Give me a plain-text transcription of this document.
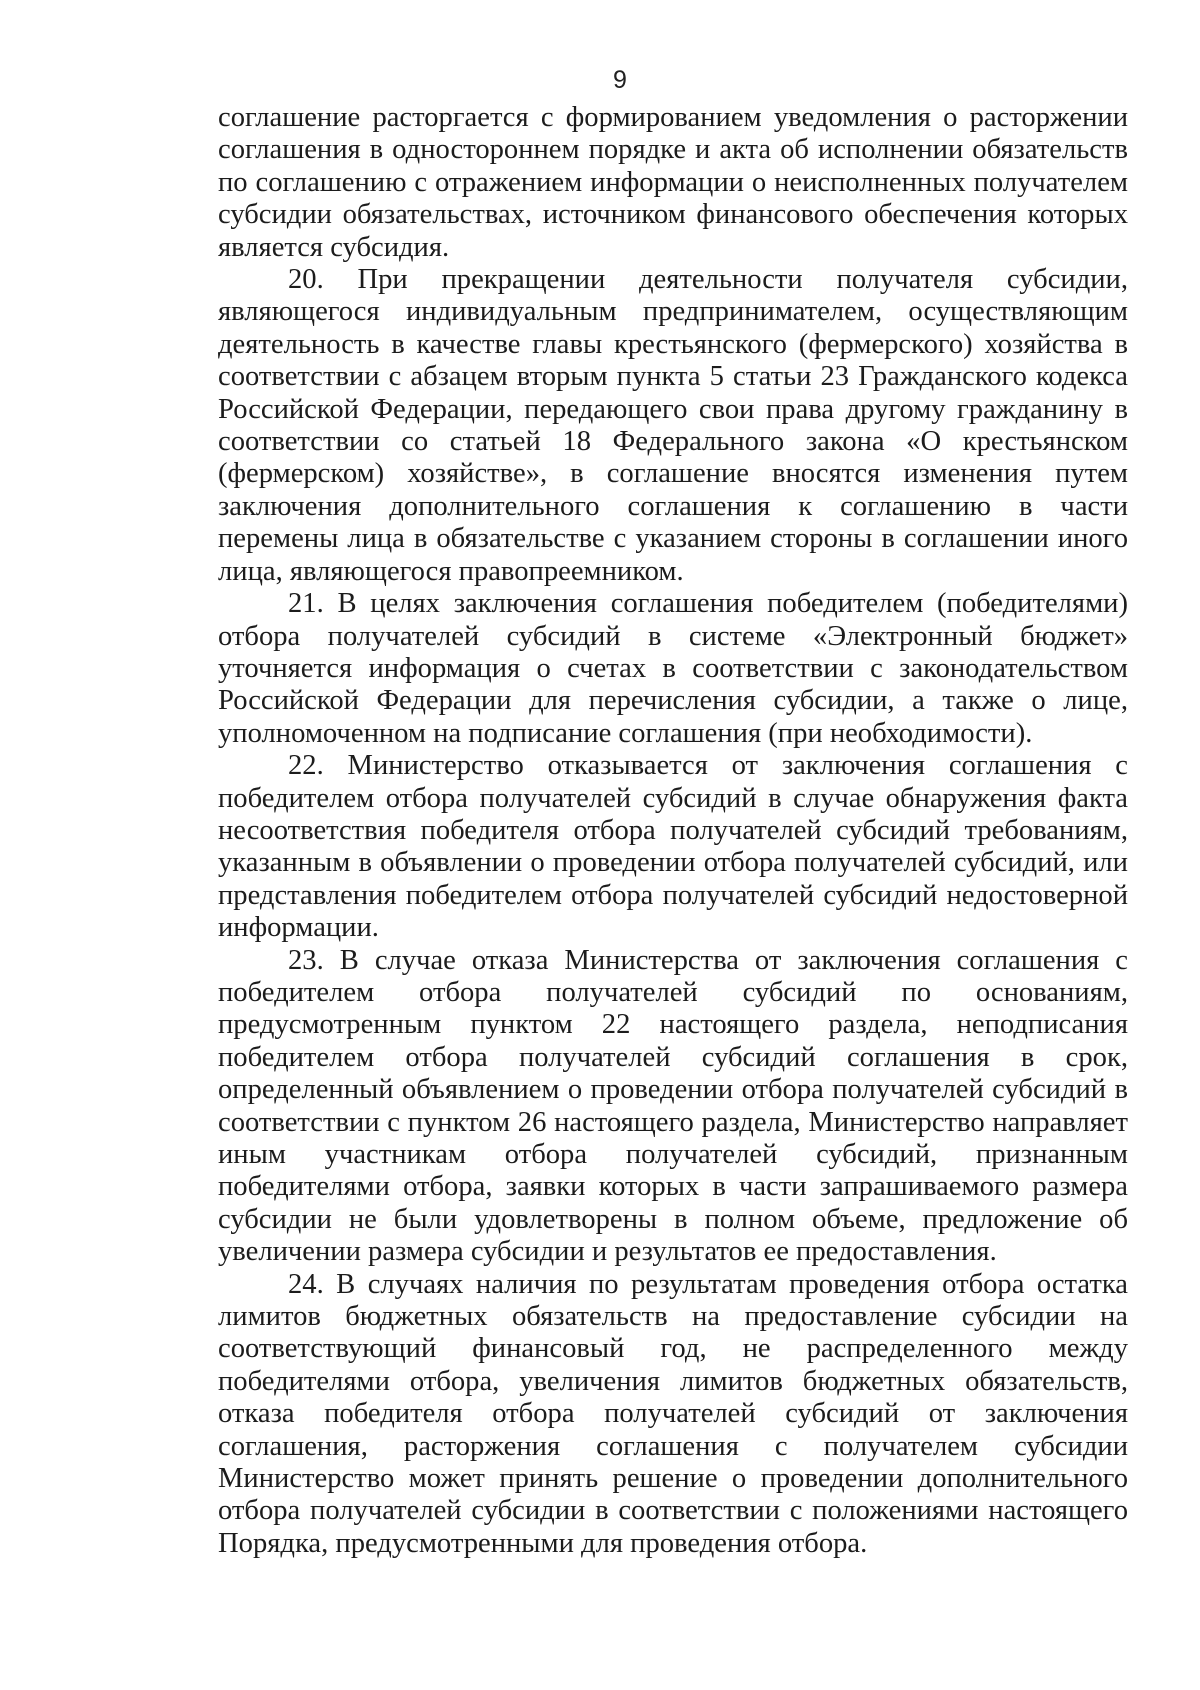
9

соглашение расторгается с формированием уведомления о расторжении соглашения в одностороннем порядке и акта об исполнении обязательств по соглашению с отражением информации о неисполненных получателем субсидии обязательствах, источником финансового обеспечения которых является субсидия.

20. При прекращении деятельности получателя субсидии, являющегося индивидуальным предпринимателем, осуществляющим деятельность в качестве главы крестьянского (фермерского) хозяйства в соответствии с абзацем вторым пункта 5 статьи 23 Гражданского кодекса Российской Федерации, передающего свои права другому гражданину в соответствии со статьей 18 Федерального закона «О крестьянском (фермерском) хозяйстве», в соглашение вносятся изменения путем заключения дополнительного соглашения к соглашению в части перемены лица в обязательстве с указанием стороны в соглашении иного лица, являющегося правопреемником.

21. В целях заключения соглашения победителем (победителями) отбора получателей субсидий в системе «Электронный бюджет» уточняется информация о счетах в соответствии с законодательством Российской Федерации для перечисления субсидии, а также о лице, уполномоченном на подписание соглашения (при необходимости).

22. Министерство отказывается от заключения соглашения с победителем отбора получателей субсидий в случае обнаружения факта несоответствия победителя отбора получателей субсидий требованиям, указанным в объявлении о проведении отбора получателей субсидий, или представления победителем отбора получателей субсидий недостоверной информации.

23. В случае отказа Министерства от заключения соглашения с победителем отбора получателей субсидий по основаниям, предусмотренным пунктом 22 настоящего раздела, неподписания победителем отбора получателей субсидий соглашения в срок, определенный объявлением о проведении отбора получателей субсидий в соответствии с пунктом 26 настоящего раздела, Министерство направляет иным участникам отбора получателей субсидий, признанным победителями отбора, заявки которых в части запрашиваемого размера субсидии не были удовлетворены в полном объеме, предложение об увеличении размера субсидии и результатов ее предоставления.

24. В случаях наличия по результатам проведения отбора остатка лимитов бюджетных обязательств на предоставление субсидии на соответствующий финансовый год, не распределенного между победителями отбора, увеличения лимитов бюджетных обязательств, отказа победителя отбора получателей субсидий от заключения соглашения, расторжения соглашения с получателем субсидии Министерство может принять решение о проведении дополнительного отбора получателей субсидии в соответствии с положениями настоящего Порядка, предусмотренными для проведения отбора.
